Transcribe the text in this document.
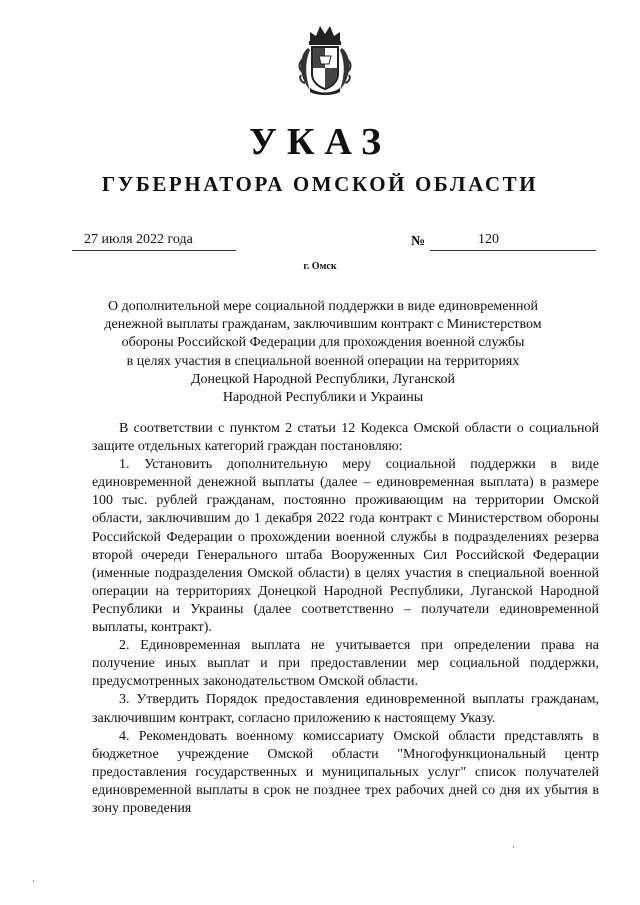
УКАЗ
ГУБЕРНАТОРА ОМСКОЙ ОБЛАСТИ
27 июля 2022 года	№	120
г. Омск
О дополнительной мере социальной поддержки в виде единовременной
денежной выплаты гражданам, заключившим контракт с Министерством
обороны Российской Федерации для прохождения военной службы
в целях участия в специальной военной операции на территориях
Донецкой Народной Республики, Луганской
Народной Республики и Украины

В соответствии с пунктом 2 статьи 12 Кодекса Омской области о социальной защите отдельных категорий граждан постановляю:

1. Установить дополнительную меру социальной поддержки в виде единовременной денежной выплаты (далее – единовременная выплата) в размере 100 тыс. рублей гражданам, постоянно проживающим на территории Омской области, заключившим до 1 декабря 2022 года контракт с Министерством обороны Российской Федерации о прохождении военной службы в подразделениях резерва второй очереди Генерального штаба Вооруженных Сил Российской Федерации (именные подразделения Омской области) в целях участия в специальной военной операции на территориях Донецкой Народной Республики, Луганской Народной Республики и Украины (далее соответственно – получатели единовременной выплаты, контракт).

2. Единовременная выплата не учитывается при определении права на получение иных выплат и при предоставлении мер социальной поддержки, предусмотренных законодательством Омской области.

3. Утвердить Порядок предоставления единовременной выплаты гражданам, заключившим контракт, согласно приложению к настоящему Указу.

4. Рекомендовать военному комиссариату Омской области представлять в бюджетное учреждение Омской области "Многофункциональный центр предоставления государственных и муниципальных услуг" список получателей единовременной выплаты в срок не позднее трех рабочих дней со дня их убытия в зону проведения
